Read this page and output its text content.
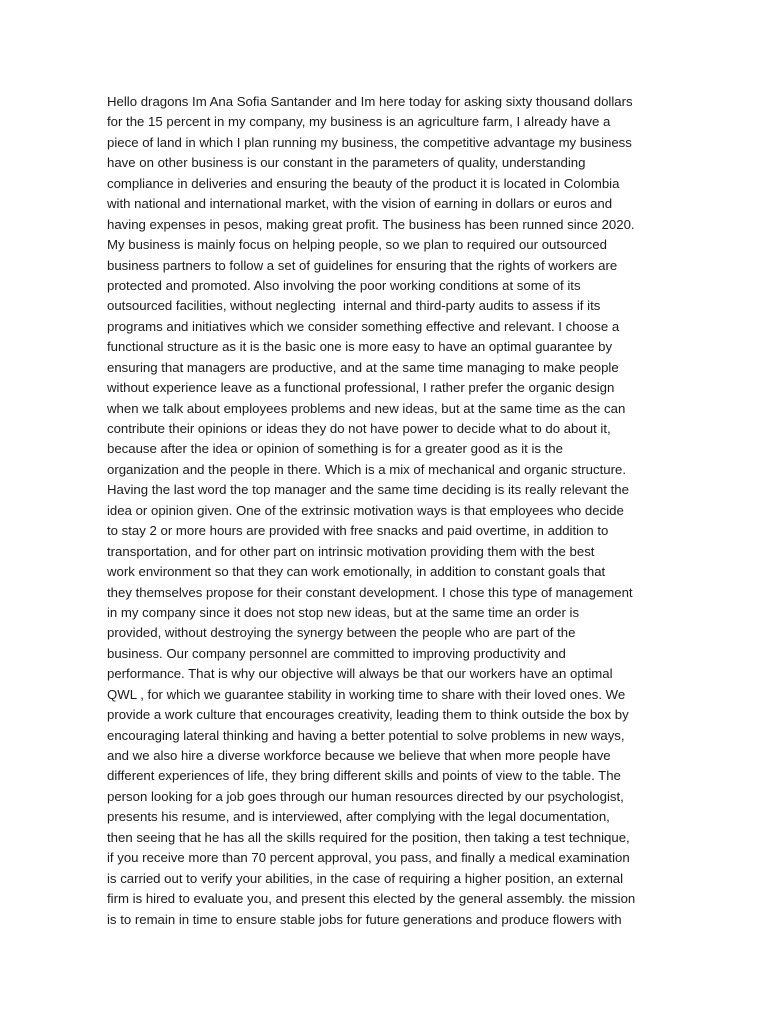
Hello dragons Im Ana Sofia Santander and Im here today for asking sixty thousand dollars
for the 15 percent in my company, my business is an agriculture farm, I already have a
piece of land in which I plan running my business, the competitive advantage my business
have on other business is our constant in the parameters of quality, understanding
compliance in deliveries and ensuring the beauty of the product it is located in Colombia
with national and international market, with the vision of earning in dollars or euros and
having expenses in pesos, making great profit. The business has been runned since 2020.
My business is mainly focus on helping people, so we plan to required our outsourced
business partners to follow a set of guidelines for ensuring that the rights of workers are
protected and promoted. Also involving the poor working conditions at some of its
outsourced facilities, without neglecting  internal and third-party audits to assess if its
programs and initiatives which we consider something effective and relevant. I choose a
functional structure as it is the basic one is more easy to have an optimal guarantee by
ensuring that managers are productive, and at the same time managing to make people
without experience leave as a functional professional, I rather prefer the organic design
when we talk about employees problems and new ideas, but at the same time as the can
contribute their opinions or ideas they do not have power to decide what to do about it,
because after the idea or opinion of something is for a greater good as it is the
organization and the people in there. Which is a mix of mechanical and organic structure.
Having the last word the top manager and the same time deciding is its really relevant the
idea or opinion given. One of the extrinsic motivation ways is that employees who decide
to stay 2 or more hours are provided with free snacks and paid overtime, in addition to
transportation, and for other part on intrinsic motivation providing them with the best
work environment so that they can work emotionally, in addition to constant goals that
they themselves propose for their constant development. I chose this type of management
in my company since it does not stop new ideas, but at the same time an order is
provided, without destroying the synergy between the people who are part of the
business. Our company personnel are committed to improving productivity and
performance. That is why our objective will always be that our workers have an optimal
QWL , for which we guarantee stability in working time to share with their loved ones. We
provide a work culture that encourages creativity, leading them to think outside the box by
encouraging lateral thinking and having a better potential to solve problems in new ways,
and we also hire a diverse workforce because we believe that when more people have
different experiences of life, they bring different skills and points of view to the table. The
person looking for a job goes through our human resources directed by our psychologist,
presents his resume, and is interviewed, after complying with the legal documentation,
then seeing that he has all the skills required for the position, then taking a test technique,
if you receive more than 70 percent approval, you pass, and finally a medical examination
is carried out to verify your abilities, in the case of requiring a higher position, an external
firm is hired to evaluate you, and present this elected by the general assembly. the mission
is to remain in time to ensure stable jobs for future generations and produce flowers with
